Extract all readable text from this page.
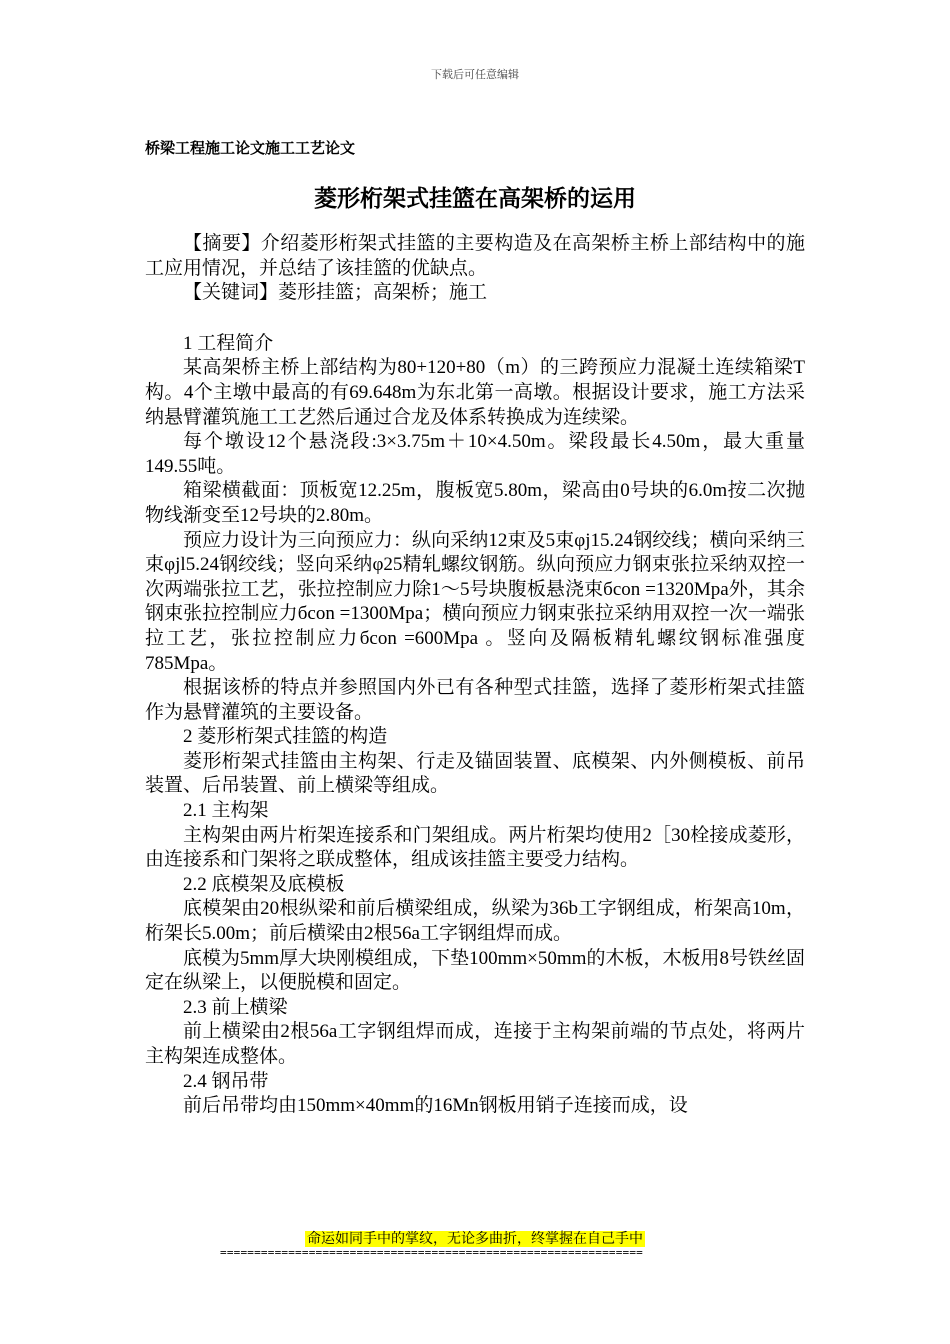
下载后可任意编辑
桥梁工程施工论文施工工艺论文
菱形桁架式挂篮在高架桥的运用

【摘要】介绍菱形桁架式挂篮的主要构造及在高架桥主桥上部结构中的施工应用情况，并总结了该挂篮的优缺点。

【关键词】菱形挂篮；高架桥；施工

1 工程简介

某高架桥主桥上部结构为80+120+80（m）的三跨预应力混凝土连续箱梁T构。4个主墩中最高的有69.648m为东北第一高墩。根据设计要求，施工方法采纳悬臂灌筑施工工艺然后通过合龙及体系转换成为连续梁。

每个墩设12个悬浇段:3×3.75m＋10×4.50m。梁段最长4.50m，最大重量149.55吨。

箱梁横截面：顶板宽12.25m，腹板宽5.80m，梁高由0号块的6.0m按二次抛物线渐变至12号块的2.80m。

预应力设计为三向预应力：纵向采纳12束及5束φj15.24钢绞线；横向采纳三束φjl5.24钢绞线；竖向采纳φ25精轧螺纹钢筋。纵向预应力钢束张拉采纳双控一次两端张拉工艺，张拉控制应力除1～5号块腹板悬浇束бcon =1320Mpa外，其余钢束张拉控制应力бcon =1300Mpa；横向预应力钢束张拉采纳用双控一次一端张拉工艺，张拉控制应力бcon =600Mpa 。竖向及隔板精轧螺纹钢标准强度785Mpa。

根据该桥的特点并参照国内外已有各种型式挂篮，选择了菱形桁架式挂篮作为悬臂灌筑的主要设备。

2 菱形桁架式挂篮的构造

菱形桁架式挂篮由主构架、行走及锚固装置、底模架、内外侧模板、前吊装置、后吊装置、前上横梁等组成。

2.1 主构架

主构架由两片桁架连接系和门架组成。两片桁架均使用2［30栓接成菱形，由连接系和门架将之联成整体，组成该挂篮主要受力结构。

2.2 底模架及底模板

底模架由20根纵梁和前后横梁组成，纵梁为36b工字钢组成，桁架高10m，桁架长5.00m；前后横梁由2根56a工字钢组焊而成。

底模为5mm厚大块刚模组成，下垫100mm×50mm的木板，木板用8号铁丝固定在纵梁上，以便脱模和固定。

2.3 前上横梁

前上横梁由2根56a工字钢组焊而成，连接于主构架前端的节点处，将两片主构架连成整体。

2.4 钢吊带

前后吊带均由150mm×40mm的16Mn钢板用销子连接而成，设

命运如同手中的掌纹，无论多曲折，终掌握在自己手中
==============================================================
